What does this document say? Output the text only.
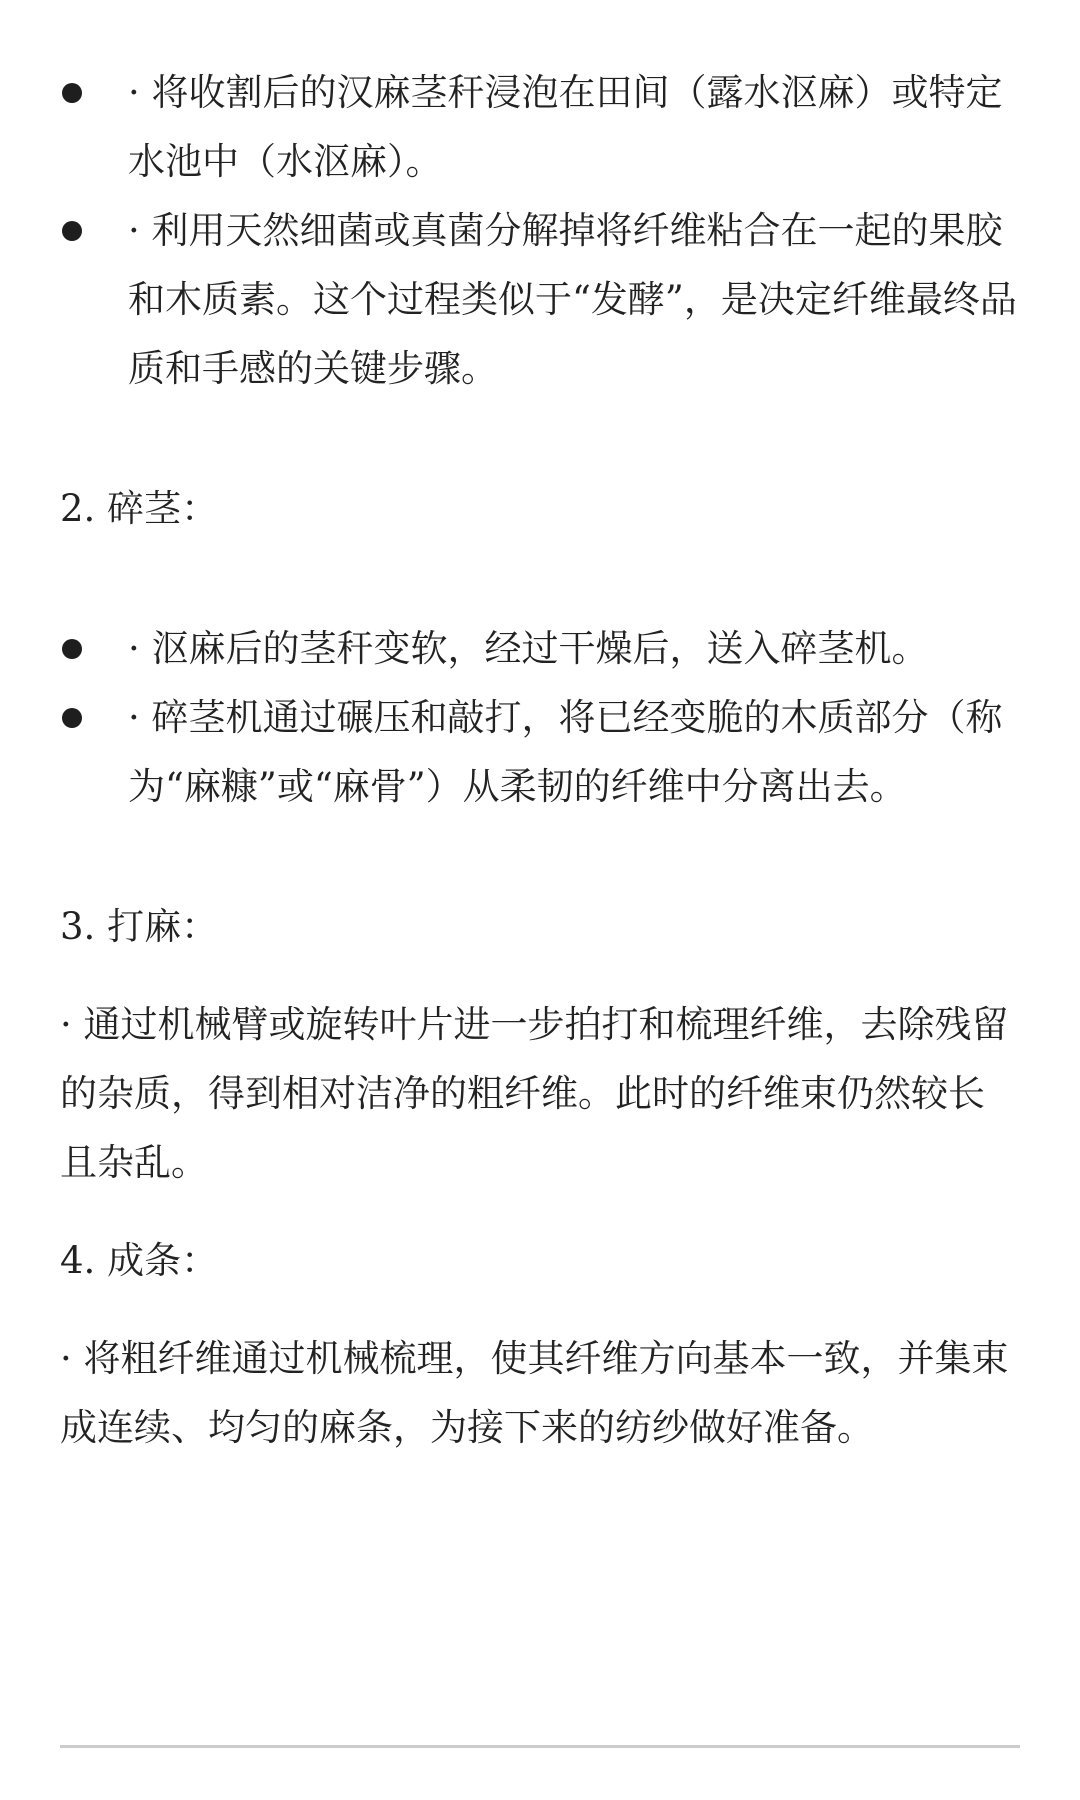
· 将收割后的汉麻茎秆浸泡在田间（露水沤麻）或特定水池中（水沤麻）。
· 利用天然细菌或真菌分解掉将纤维粘合在一起的果胶和木质素。这个过程类似于“发酵”，是决定纤维最终品质和手感的关键步骤。

2. 碎茎：

· 沤麻后的茎秆变软，经过干燥后，送入碎茎机。
· 碎茎机通过碾压和敲打，将已经变脆的木质部分（称为“麻糠”或“麻骨”）从柔韧的纤维中分离出去。

3. 打麻：

· 通过机械臂或旋转叶片进一步拍打和梳理纤维，去除残留的杂质，得到相对洁净的粗纤维。此时的纤维束仍然较长且杂乱。

4. 成条：

· 将粗纤维通过机械梳理，使其纤维方向基本一致，并集束成连续、均匀的麻条，为接下来的纺纱做好准备。
